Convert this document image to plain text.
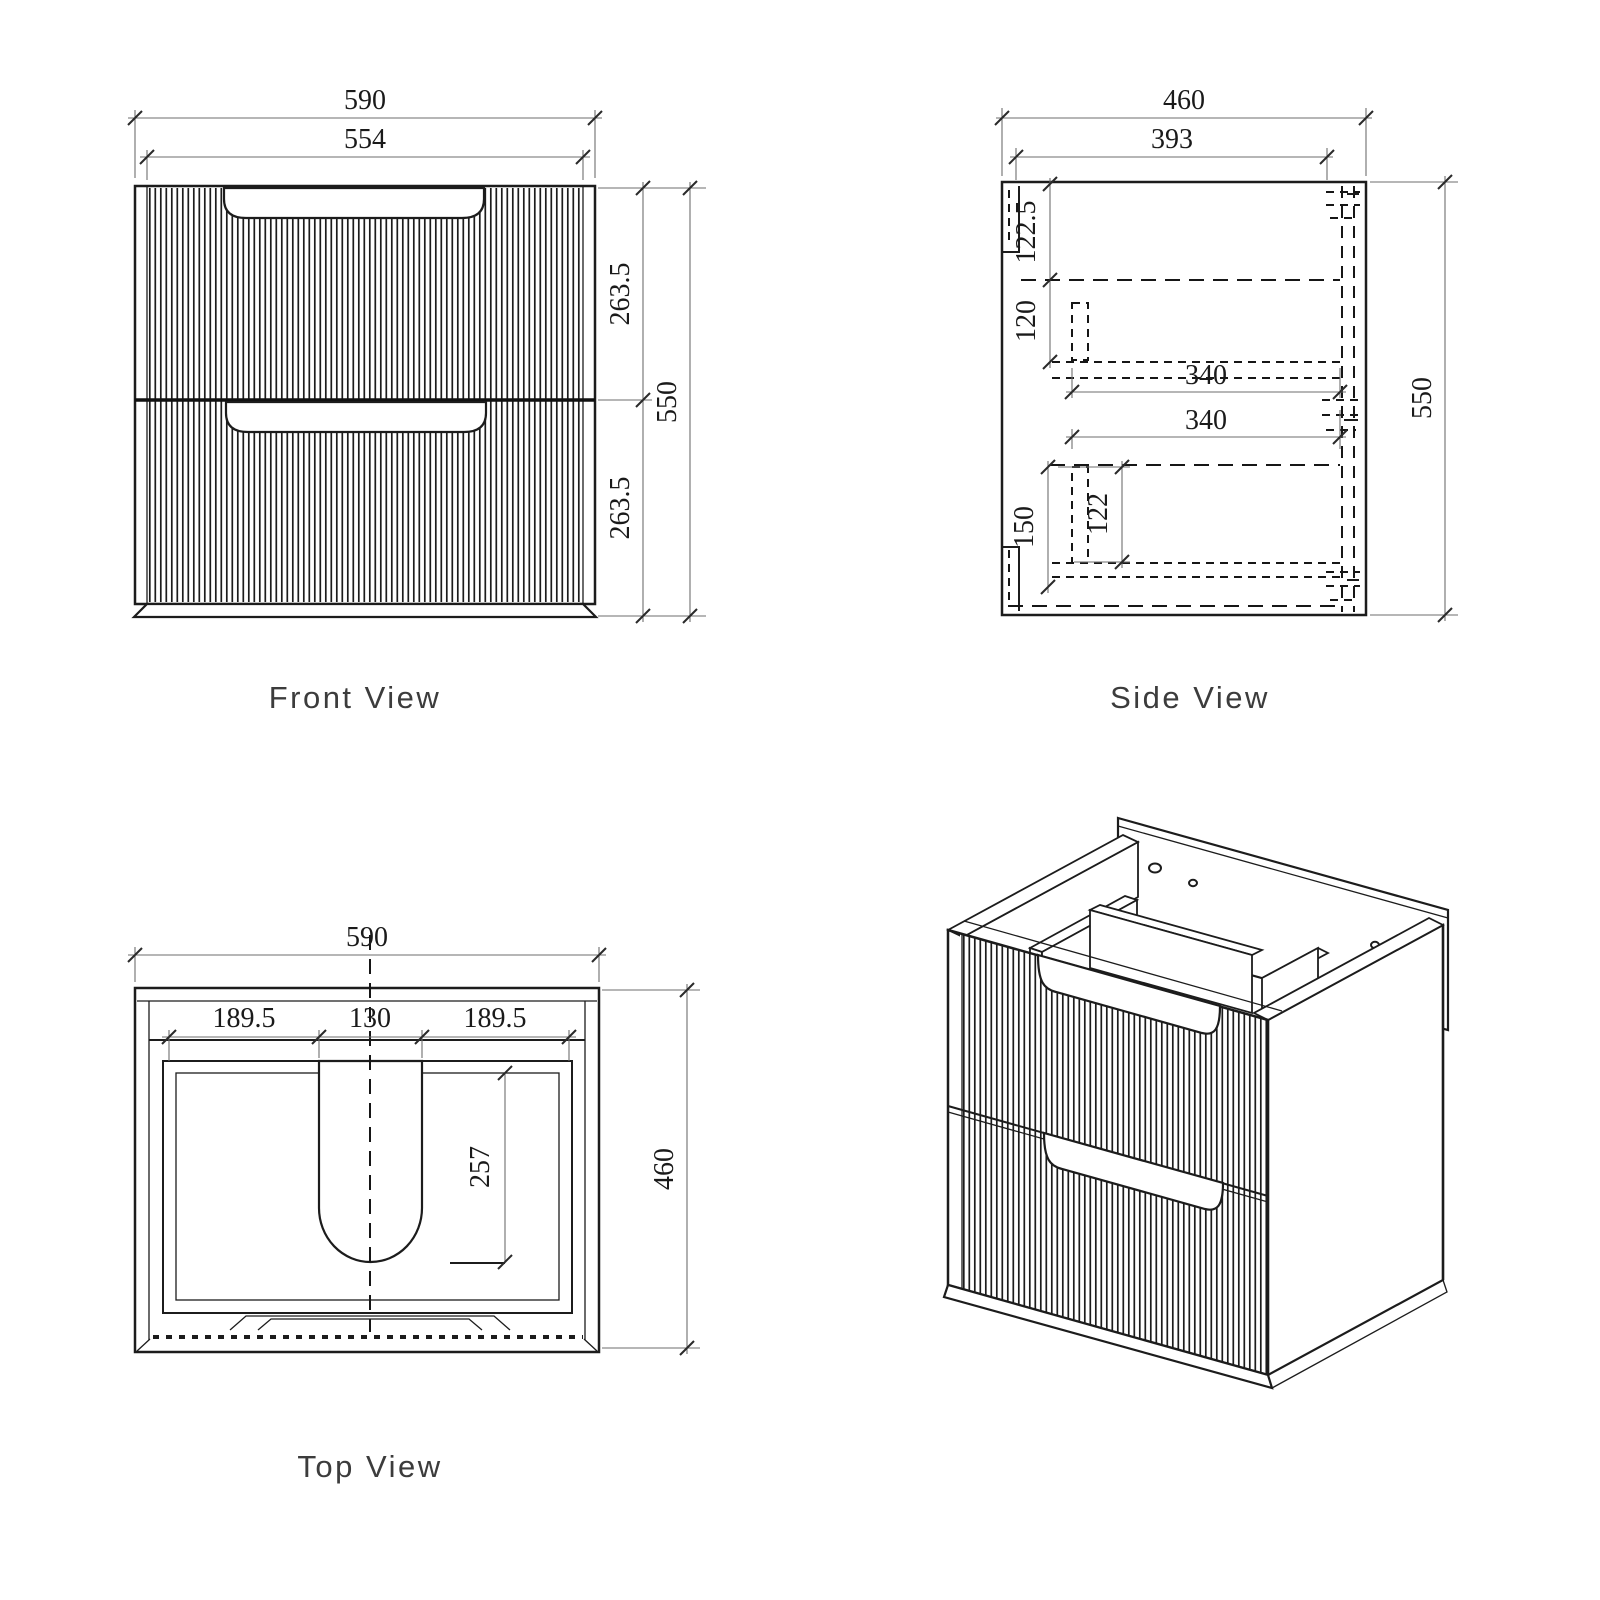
590
554
263.5
263.5
550
Front View
460
393
122.5
120
340
340
150 122
550
Side View
590
189.5	130	189.5
257	460
Top View
